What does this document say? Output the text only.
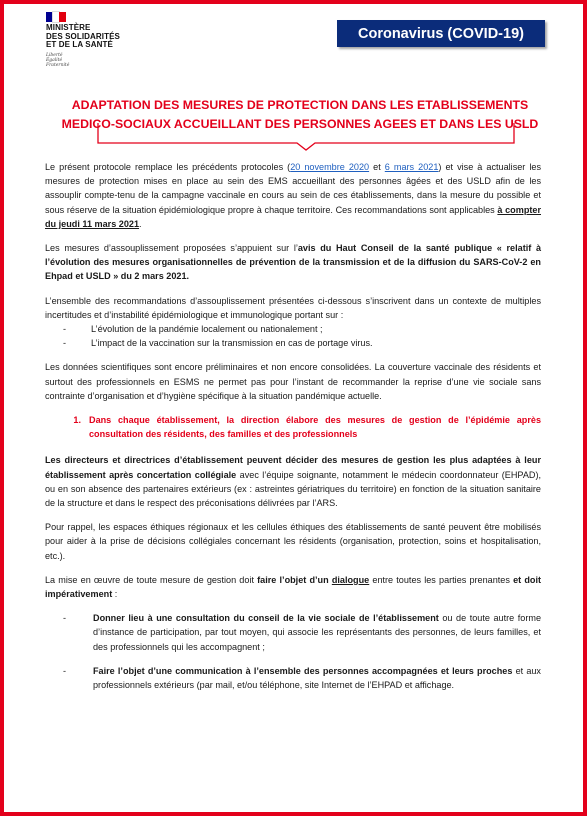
MINISTÈRE
DES SOLIDARITÉS
ET DE LA SANTÉ
Liberté
Égalité
Fraternité
Coronavirus (COVID-19)
ADAPTATION DES MESURES DE PROTECTION DANS LES ETABLISSEMENTS
MEDICO-SOCIAUX ACCUEILLANT DES PERSONNES AGEES ET DANS LES USLD

Le présent protocole remplace les précédents protocoles (20 novembre 2020 et 6 mars 2021) et vise à actualiser les mesures de protection mises en place au sein des EMS accueillant des personnes âgées et des USLD afin de les assouplir compte-tenu de la campagne vaccinale en cours au sein de ces établissements, dans la mesure du possible et sous réserve de la situation épidémiologique propre à chaque territoire. Ces recommandations sont applicables à compter du jeudi 11 mars 2021.

Les mesures d’assouplissement proposées s’appuient sur l’avis du Haut Conseil de la santé publique « relatif à l’évolution des mesures organisationnelles de prévention de la transmission et de la diffusion du SARS-CoV-2 en Ehpad et USLD » du 2 mars 2021.

L’ensemble des recommandations d’assouplissement présentées ci-dessous s’inscrivent dans un contexte de multiples incertitudes et d’instabilité épidémiologique et immunologique portant sur :

-	L’évolution de la pandémie localement ou nationalement ;
-	L’impact de la vaccination sur la transmission en cas de portage virus.

Les données scientifiques sont encore préliminaires et non encore consolidées. La couverture vaccinale des résidents et surtout des professionnels en ESMS ne permet pas pour l’instant de recommander la reprise d’une vie sociale sans contrainte d’organisation et d’hygiène spécifique à la situation pandémique actuelle.

1. Dans chaque établissement, la direction élabore des mesures de gestion de l’épidémie après consultation des résidents, des familles et des professionnels

Les directeurs et directrices d’établissement peuvent décider des mesures de gestion les plus adaptées à leur établissement après concertation collégiale avec l’équipe soignante, notamment le médecin coordonnateur (EHPAD), ou en son absence des partenaires extérieurs (ex : astreintes gériatriques du territoire) en fonction de la situation sanitaire de la structure et dans le respect des préconisations délivrées par l’ARS.

Pour rappel, les espaces éthiques régionaux et les cellules éthiques des établissements de santé peuvent être mobilisés pour aider à la prise de décisions collégiales concernant les résidents (organisation, protection, soins et hospitalisation, etc.).

La mise en œuvre de toute mesure de gestion doit faire l’objet d’un dialogue entre toutes les parties prenantes et doit impérativement :

-	Donner lieu à une consultation du conseil de la vie sociale de l’établissement ou de toute autre forme d’instance de participation, par tout moyen, qui associe les représentants des personnes, de leurs familles, et des professionnels qui les accompagnent ;
-	Faire l’objet d’une communication à l’ensemble des personnes accompagnées et leurs proches et aux professionnels extérieurs (par mail, et/ou téléphone, site Internet de l’EHPAD et affichage.
